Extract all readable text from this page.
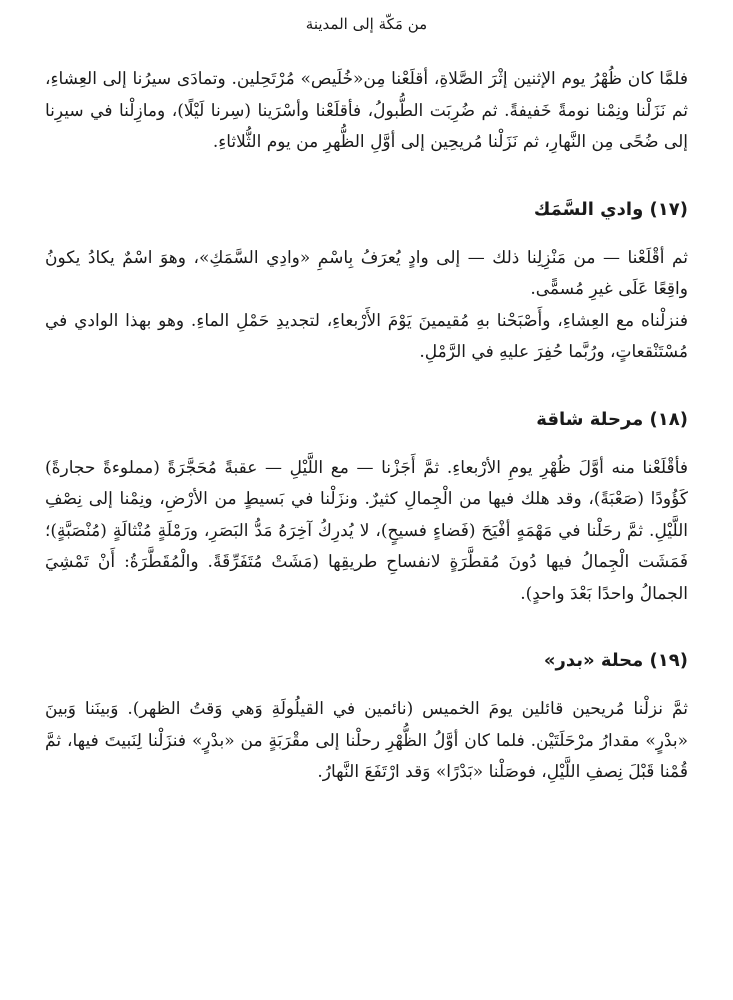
من مَكّة إلى المدينة

فلمَّا كان ظُهْرُ يوم الإثنين إثْرَ الصَّلاةِ، أقلَعْنا مِن«خُلَيص» مُرْتَحِلين. وتمادَى سيرُنا إلى العِشاءِ، ثم نَزَلْنا ونِمْنا نومةً خَفيفةً. ثم ضُرِبَت الطُّبولُ، فأقلَعْنا وأسْرَينا (سِرنا لَيْلًا)، ومازِلْنا في سيرِنا إلى ضُحًى مِن النَّهارِ، ثم نَزَلْنا مُريحِين إلى أوَّلِ الظُّهرِ من يوم الثُّلاثاءِ.

(١٧) وادي السَّمَك

ثم أقْلَعْنا — من مَنْزِلِنا ذلك — إلى وادٍ يُعرَفُ بِاسْمِ «وادِي السَّمَكِ»، وهوَ اسْمٌ يكادُ يكونُ واقِعًا عَلَى غيرِ مُسمًّى.

فنزلْناه مع العِشاءِ، وأَصْبَحْنا بهِ مُقيمينَ يَوْمَ الأَرْبعاءِ، لتجديدِ حَمْلِ الماءِ. وهو بهذا الوادي في مُسْتَنْقعاتٍ، ورُبَّما حُفِرَ عليهِ في الرَّمْلِ.

(١٨) مرحلة شاقة

فأقْلَعْنا منه أوَّلَ ظُهْرِ يومِ الأرْبعاءِ. ثمَّ أَجَزْنا — مع اللَّيْلِ — عقبةً مُحَجَّرَةً (مملوءةً حجارةً) كَؤُودًا (صَعْبَةً)، وقد هلك فيها من الْجِمالِ كثيرٌ. ونزَلْنا في بَسيطٍ من الأرْضِ، ونِمْنا إلى نِصْفِ اللَّيْلِ. ثمَّ رحَلْنا في مَهْمَهٍ أفْيَحَ (فَضاءٍ فسيحٍ)، لا يُدرِكُ آخِرَهُ مَدُّ البَصَرِ، ورَمْلَةٍ مُنْثالَةٍ (مُنْصَبَّةٍ)؛ فَمَشَت الْجِمالُ فيها دُونَ مُقطَّرَةٍ لانفساحِ طريقِها (مَشَتْ مُتَفَرِّقَةً. والْمُقَطَّرَةُ: أَنْ تَمْشِيَ الجمالُ واحدًا بَعْدَ واحدٍ).

(١٩) محلة «بدر»

ثمَّ نزلْنا مُريحين قائلين يومَ الخميس (نائمين في القيلُولَةِ وَهي وَقتُ الظهر). وَبينَنا وَبينَ «بدْرٍ» مقدارُ مرْحَلَتَيْن. فلما كان أوَّلُ الظُّهْرِ رحلْنا إلى مقْرَبَةٍ من «بدْرٍ» فنزَلْنا لِنَبيتَ فيها، ثمَّ قُمْنا قَبْلَ نِصفِ اللَّيْلِ، فوصَلْنا «بَدْرًا» وَقد ارْتَفَعَ النَّهارُ.
